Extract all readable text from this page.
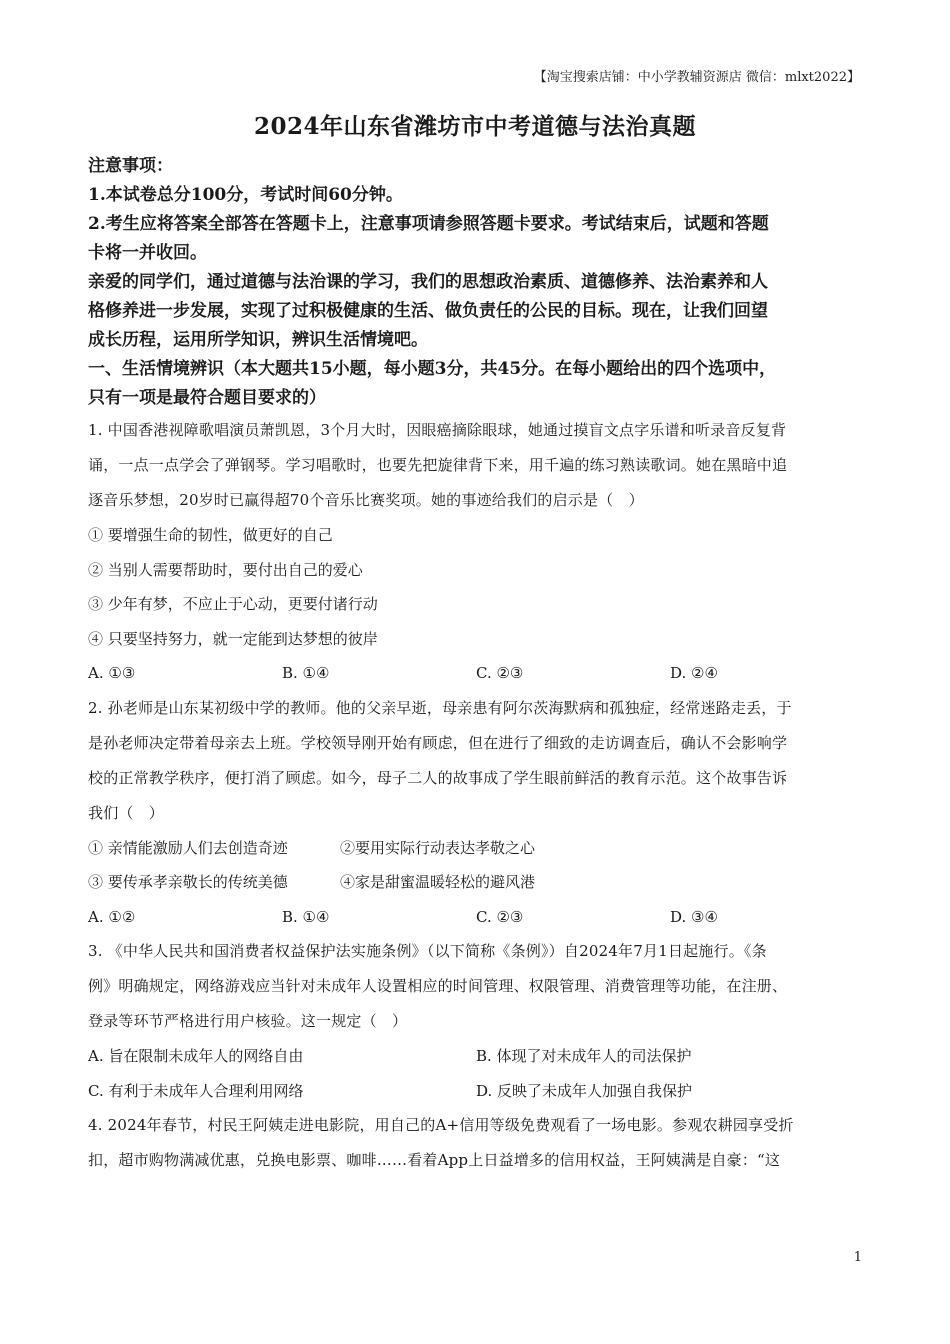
【淘宝搜索店铺：中小学教辅资源店 微信：mlxt2022】
2024年山东省潍坊市中考道德与法治真题

注意事项：

1.本试卷总分100分，考试时间60分钟。

2.考生应将答案全部答在答题卡上，注意事项请参照答题卡要求。考试结束后，试题和答题

卡将一并收回。

亲爱的同学们，通过道德与法治课的学习，我们的思想政治素质、道德修养、法治素养和人

格修养进一步发展，实现了过积极健康的生活、做负责任的公民的目标。现在，让我们回望

成长历程，运用所学知识，辨识生活情境吧。

一、生活情境辨识（本大题共15小题，每小题3分，共45分。在每小题给出的四个选项中，

只有一项是最符合题目要求的）

1. 中国香港视障歌唱演员萧凯恩，3个月大时，因眼癌摘除眼球，她通过摸盲文点字乐谱和听录音反复背

诵，一点一点学会了弹钢琴。学习唱歌时，也要先把旋律背下来，用千遍的练习熟读歌词。她在黑暗中追

逐音乐梦想，20岁时已赢得超70个音乐比赛奖项。她的事迹给我们的启示是（　）

① 要增强生命的韧性，做更好的自己

② 当别人需要帮助时，要付出自己的爱心

③ 少年有梦，不应止于心动，更要付诸行动

④ 只要坚持努力，就一定能到达梦想的彼岸

A. ①③	B. ①④	C. ②③	D. ②④

2. 孙老师是山东某初级中学的教师。他的父亲早逝，母亲患有阿尔茨海默病和孤独症，经常迷路走丢，于

是孙老师决定带着母亲去上班。学校领导刚开始有顾虑，但在进行了细致的走访调查后，确认不会影响学

校的正常教学秩序，便打消了顾虑。如今，母子二人的故事成了学生眼前鲜活的教育示范。这个故事告诉

我们（　）

① 亲情能激励人们去创造奇迹	②要用实际行动表达孝敬之心
③ 要传承孝亲敬长的传统美德	④家是甜蜜温暖轻松的避风港
A. ①②	B. ①④	C. ②③	D. ③④

3. 《中华人民共和国消费者权益保护法实施条例》（以下简称《条例》）自2024年7月1日起施行。《条

例》明确规定，网络游戏应当针对未成年人设置相应的时间管理、权限管理、消费管理等功能，在注册、

登录等环节严格进行用户核验。这一规定（　）

A. 旨在限制未成年人的网络自由	B. 体现了对未成年人的司法保护
C. 有利于未成年人合理利用网络	D. 反映了未成年人加强自我保护

4. 2024年春节，村民王阿姨走进电影院，用自己的A+信用等级免费观看了一场电影。参观农耕园享受折

扣，超市购物满减优惠，兑换电影票、咖啡……看着App上日益增多的信用权益，王阿姨满是自豪：“这

1
